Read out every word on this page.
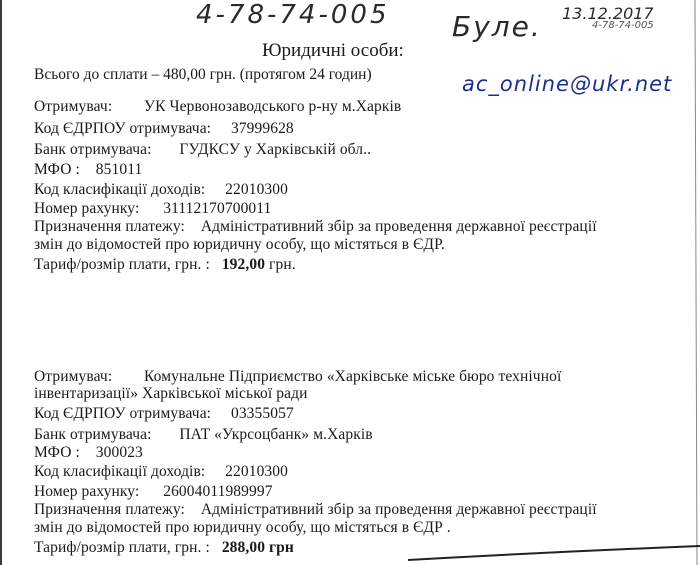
4-78-74-005 Буле. 13.12.2017
4-78-74-005
ac_online@ukr.net
Юридичні особи:
Всього до сплати – 480,00 грн. (протягом 24 годин)
Отримувач: УК Червонозаводського р-ну м.Харків
Код ЄДРПОУ отримувача: 37999628
Банк отримувача: ГУДКСУ у Харківській обл..
МФО : 851011
Код класифікації доходів: 22010300
Номер рахунку: 31112170700011
Призначення платежу: Адміністративний збір за проведення державної реєстрації
змін до відомостей про юридичну особу, що містяться в ЄДР.
Тариф/розмір плати, грн. : 192,00 грн.
Отримувач: Комунальне Підприємство «Харківське міське бюро технічної
інвентаризації» Харківської міської ради
Код ЄДРПОУ отримувача: 03355057
Банк отримувача: ПАТ «Укрсоцбанк» м.Харків
МФО : 300023
Код класифікації доходів: 22010300
Номер рахунку: 26004011989997
Призначення платежу: Адміністративний збір за проведення державної реєстрації
змін до відомостей про юридичну особу, що містяться в ЄДР .
Тариф/розмір плати, грн. : 288,00 грн
